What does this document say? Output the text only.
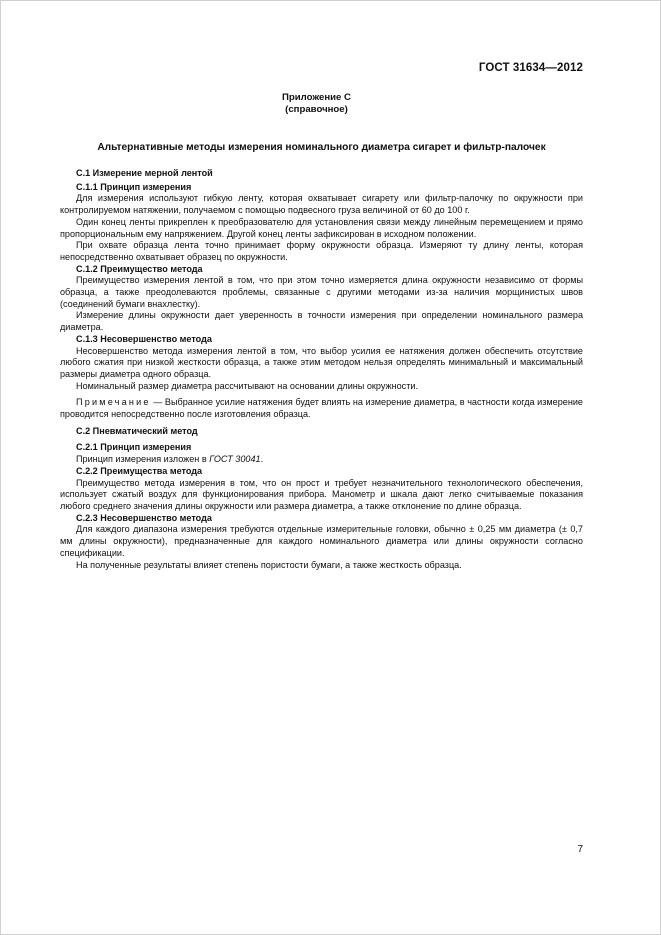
ГОСТ 31634—2012
Приложение С
(справочное)
Альтернативные методы измерения номинального диаметра сигарет и фильтр-палочек

С.1 Измерение мерной лентой

С.1.1 Принцип измерения

Для измерения используют гибкую ленту, которая охватывает сигарету или фильтр-палочку по окружности при контролируемом натяжении, получаемом с помощью подвесного груза величиной от 60 до 100 г.

Один конец ленты прикреплен к преобразователю для установления связи между линейным перемещением и прямо пропорциональным ему напряжением. Другой конец ленты зафиксирован в исходном положении.

При охвате образца лента точно принимает форму окружности образца. Измеряют ту длину ленты, которая непосредственно охватывает образец по окружности.

С.1.2 Преимущество метода

Преимущество измерения лентой в том, что при этом точно измеряется длина окружности независимо от формы образца, а также преодолеваются проблемы, связанные с другими методами из-за наличия морщинистых швов (соединений бумаги внахлестку).

Измерение длины окружности дает уверенность в точности измерения при определении номинального размера диаметра.

С.1.3 Несовершенство метода

Несовершенство метода измерения лентой в том, что выбор усилия ее натяжения должен обеспечить отсутствие любого сжатия при низкой жесткости образца, а также этим методом нельзя определять минимальный и максимальный размеры диаметра одного образца.

Номинальный размер диаметра рассчитывают на основании длины окружности.

Примечание — Выбранное усилие натяжения будет влиять на измерение диаметра, в частности когда измерение проводится непосредственно после изготовления образца.

С.2 Пневматический метод

С.2.1 Принцип измерения

Принцип измерения изложен в ГОСТ 30041.

С.2.2 Преимущества метода

Преимущество метода измерения в том, что он прост и требует незначительного технологического обеспечения, использует сжатый воздух для функционирования прибора. Манометр и шкала дают легко считываемые показания любого среднего значения длины окружности или размера диаметра, а также отклонение по длине образца.

С.2.3 Несовершенство метода

Для каждого диапазона измерения требуются отдельные измерительные головки, обычно ± 0,25 мм диаметра (± 0,7 мм длины окружности), предназначенные для каждого номинального диаметра или длины окружности согласно спецификации.

На полученные результаты влияет степень пористости бумаги, а также жесткость образца.

7
